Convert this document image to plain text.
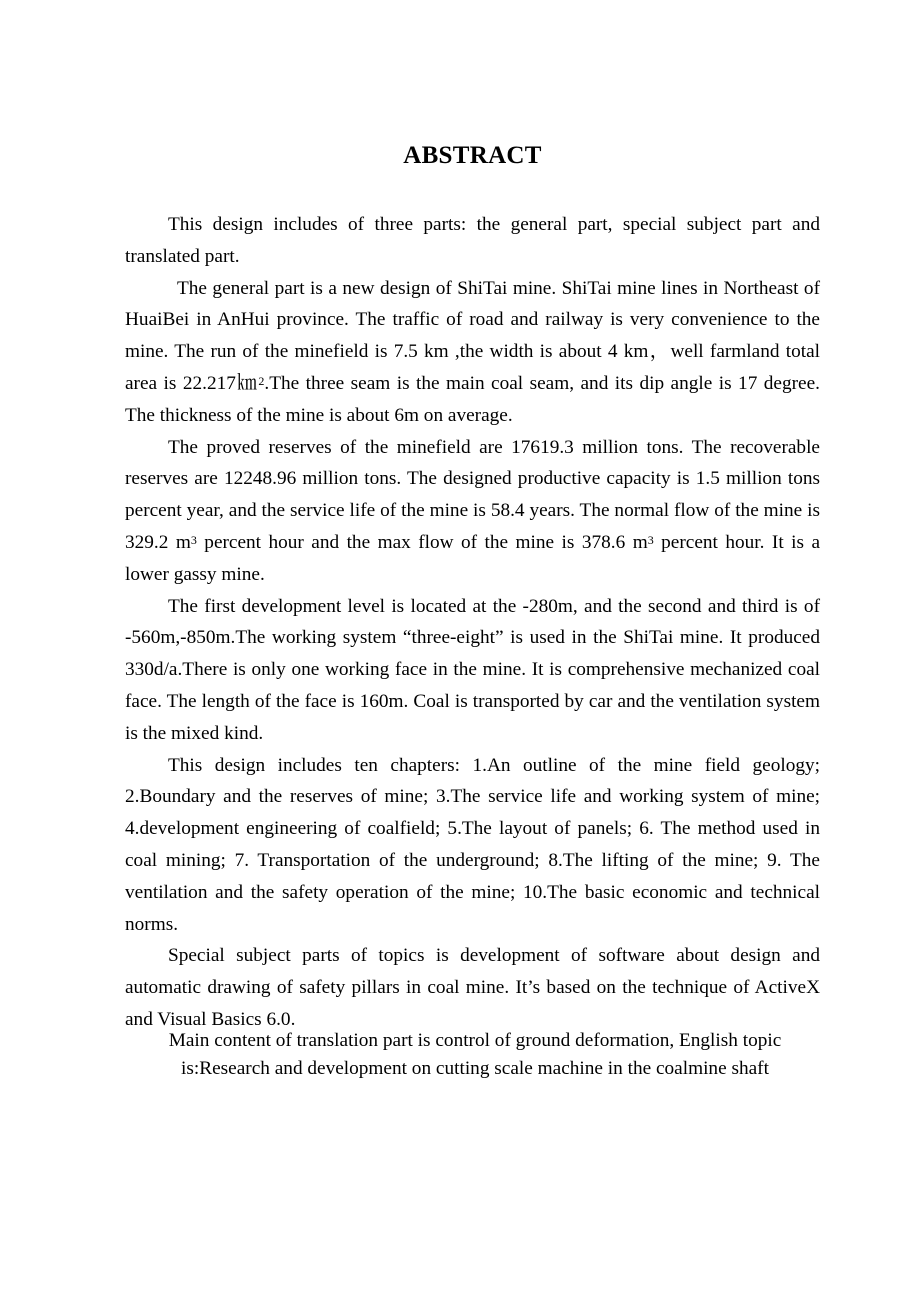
ABSTRACT

This design includes of three parts: the general part, special subject part and translated part.

The general part is a new design of ShiTai mine. ShiTai mine lines in Northeast of HuaiBei in AnHui province. The traffic of road and railway is very convenience to the mine. The run of the minefield is 7.5 km ,the width is about 4 km，well farmland total area is 22.217㎞$^2$.The three seam is the main coal seam, and its dip angle is 17 degree. The thickness of the mine is about 6m on average.

The proved reserves of the minefield are 17619.3 million tons. The recoverable reserves are 12248.96 million tons. The designed productive capacity is 1.5 million tons percent year, and the service life of the mine is 58.4 years. The normal flow of the mine is 329.2 $m^3$ percent hour and the max flow of the mine is 378.6 $m^3$ percent hour. It is a lower gassy mine.

The first development level is located at the -280m, and the second and third is of -560m,-850m.The working system “three-eight” is used in the ShiTai mine. It produced 330d/a.There is only one working face in the mine. It is comprehensive mechanized coal face. The length of the face is 160m. Coal is transported by car and the ventilation system is the mixed kind.

This design includes ten chapters: 1.An outline of the mine field geology; 2.Boundary and the reserves of mine; 3.The service life and working system of mine; 4.development engineering of coalfield; 5.The layout of panels; 6. The method used in coal mining; 7. Transportation of the underground; 8.The lifting of the mine; 9. The ventilation and the safety operation of the mine; 10.The basic economic and technical norms.

Special subject parts of topics is development of software about design and automatic drawing of safety pillars in coal mine. It’s based on the technique of ActiveX and Visual Basics 6.0.

Main content of translation part is control of ground deformation, English topic
is:Research and development on cutting scale machine in the coalmine shaft
